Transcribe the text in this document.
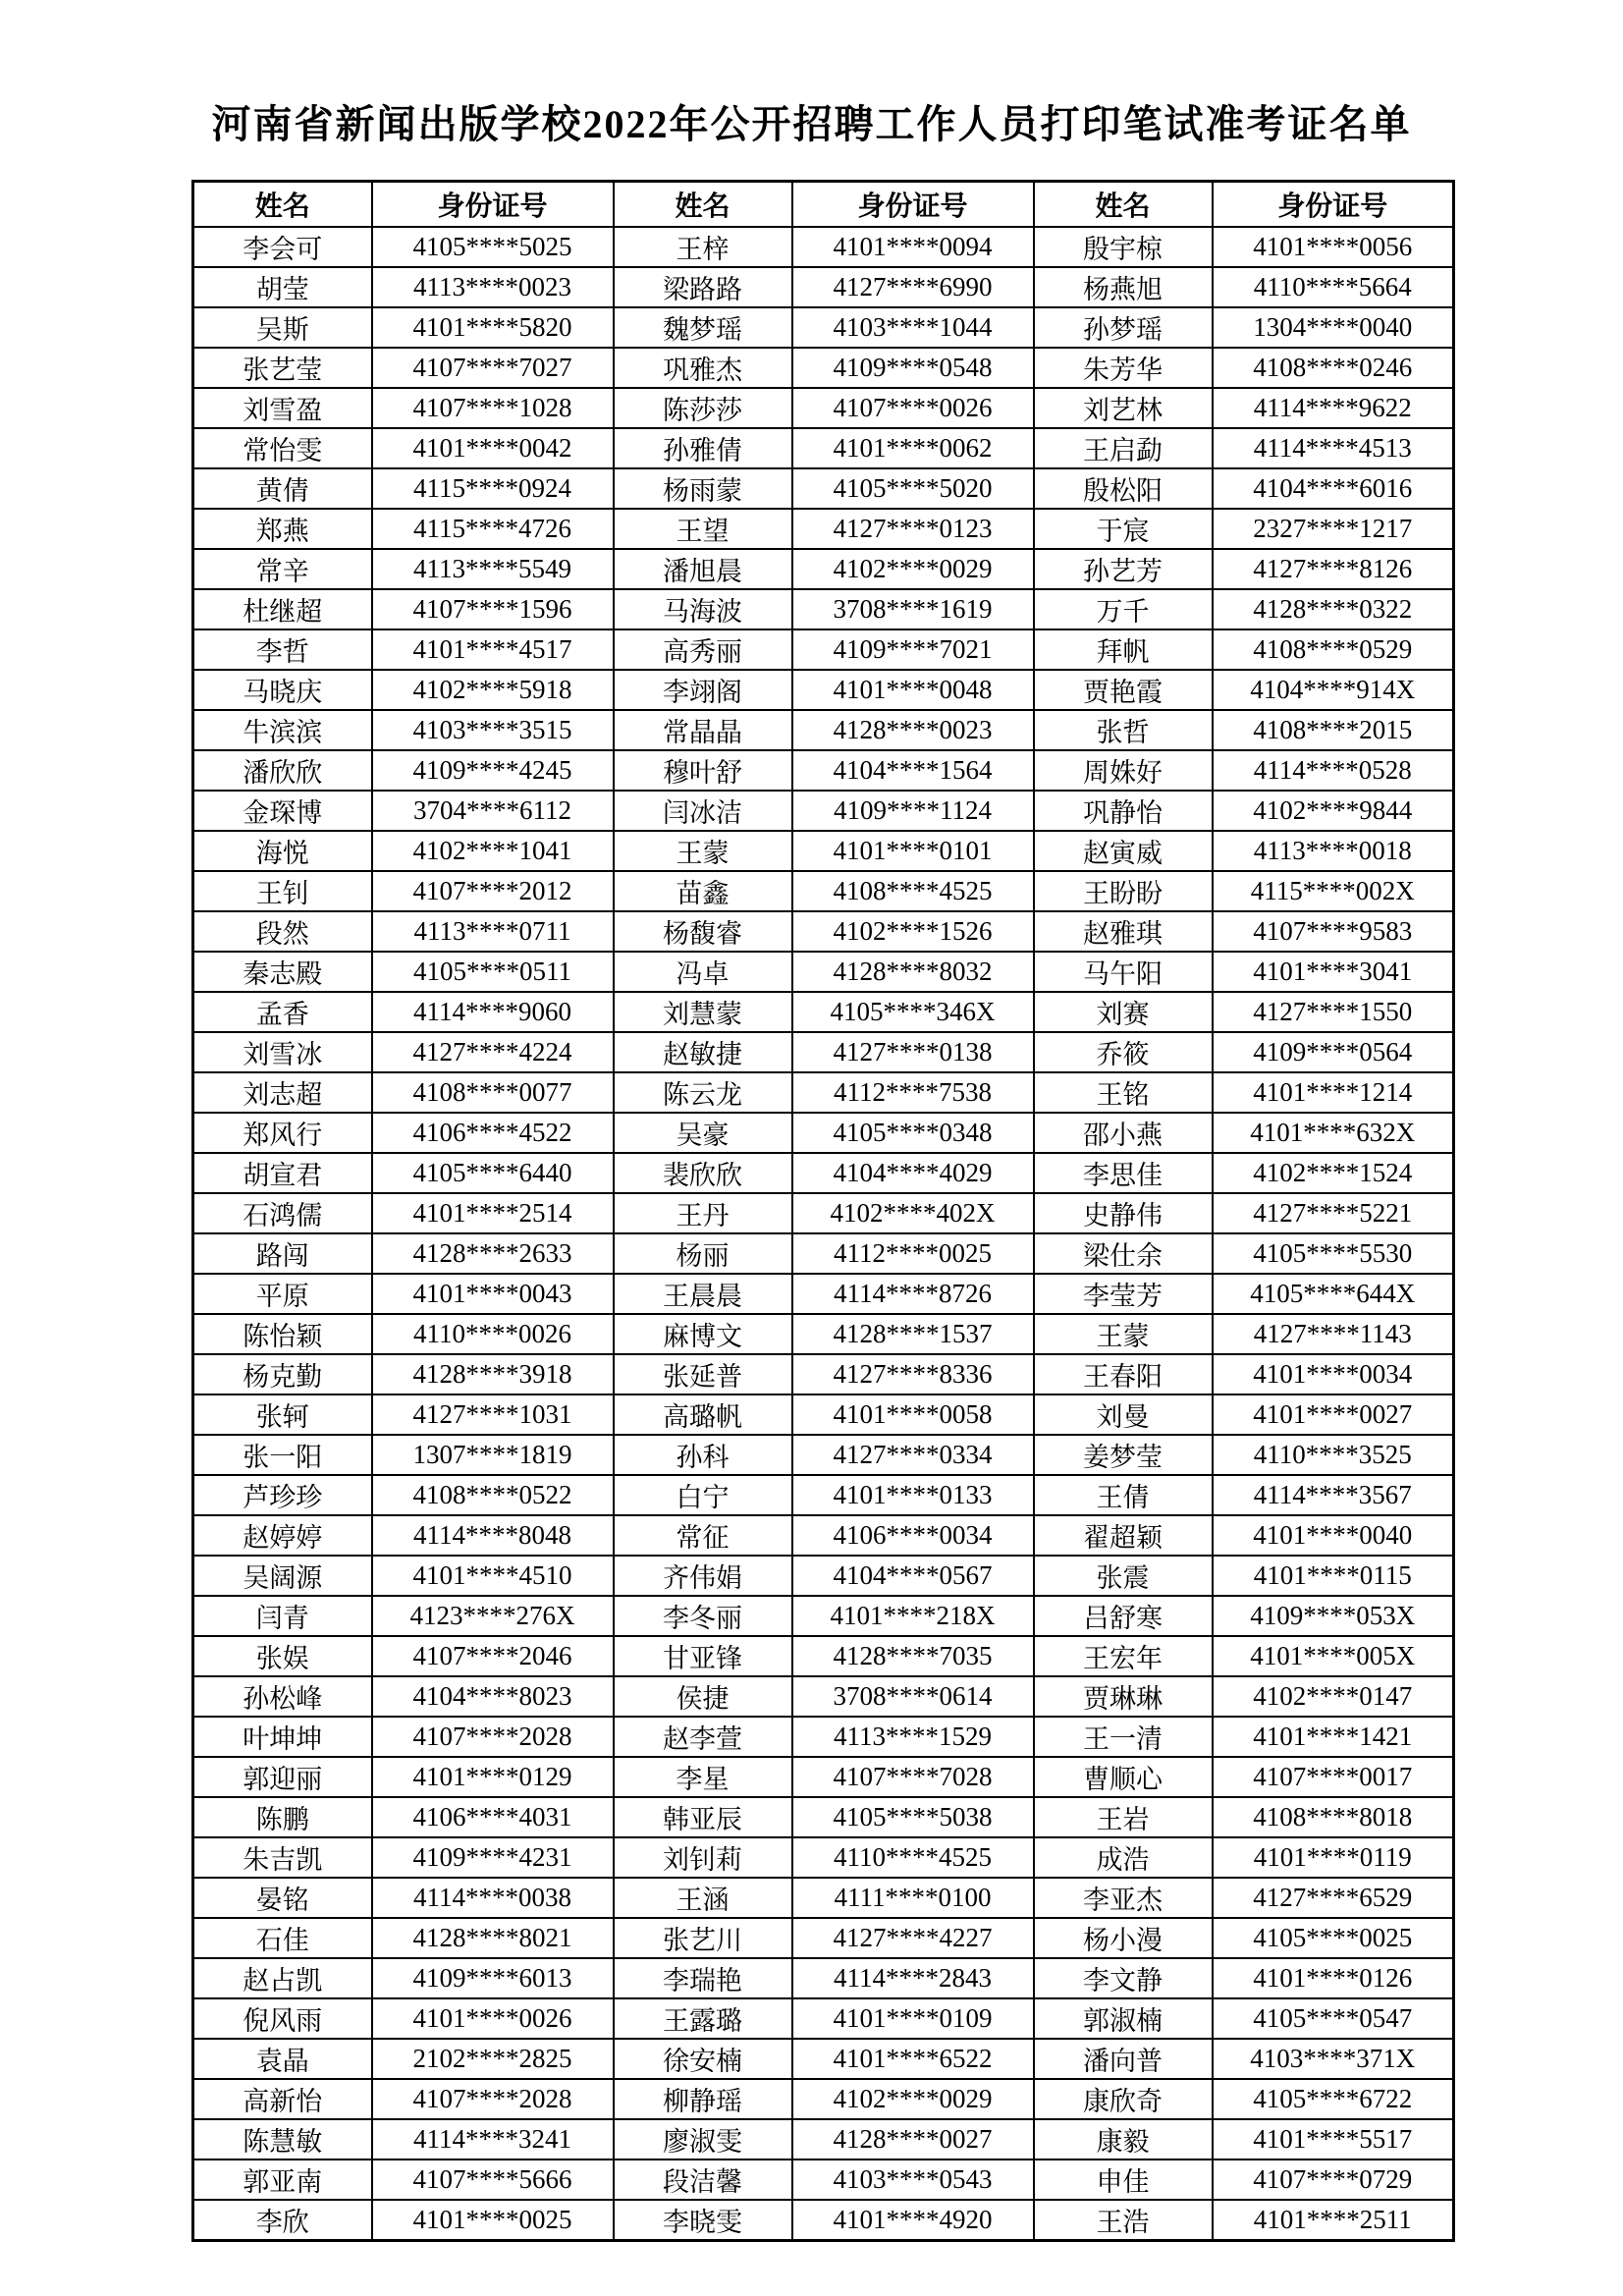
河南省新闻出版学校2022年公开招聘工作人员打印笔试准考证名单
姓名	身份证号	姓名	身份证号	姓名	身份证号
李会可	4105****5025	王梓	4101****0094	殷宇椋	4101****0056
胡莹	4113****0023	梁路路	4127****6990	杨燕旭	4110****5664
吴斯	4101****5820	魏梦瑶	4103****1044	孙梦瑶	1304****0040
张艺莹	4107****7027	巩雅杰	4109****0548	朱芳华	4108****0246
刘雪盈	4107****1028	陈莎莎	4107****0026	刘艺林	4114****9622
常怡雯	4101****0042	孙雅倩	4101****0062	王启勐	4114****4513
黄倩	4115****0924	杨雨蒙	4105****5020	殷松阳	4104****6016
郑燕	4115****4726	王望	4127****0123	于宸	2327****1217
常辛	4113****5549	潘旭晨	4102****0029	孙艺芳	4127****8126
杜继超	4107****1596	马海波	3708****1619	万千	4128****0322
李哲	4101****4517	高秀丽	4109****7021	拜帆	4108****0529
马晓庆	4102****5918	李翊阁	4101****0048	贾艳霞	4104****914X
牛滨滨	4103****3515	常晶晶	4128****0023	张哲	4108****2015
潘欣欣	4109****4245	穆叶舒	4104****1564	周姝好	4114****0528
金琛博	3704****6112	闫冰洁	4109****1124	巩静怡	4102****9844
海悦	4102****1041	王蒙	4101****0101	赵寅威	4113****0018
王钊	4107****2012	苗鑫	4108****4525	王盼盼	4115****002X
段然	4113****0711	杨馥睿	4102****1526	赵雅琪	4107****9583
秦志殿	4105****0511	冯卓	4128****8032	马午阳	4101****3041
孟香	4114****9060	刘慧蒙	4105****346X	刘赛	4127****1550
刘雪冰	4127****4224	赵敏捷	4127****0138	乔筱	4109****0564
刘志超	4108****0077	陈云龙	4112****7538	王铭	4101****1214
郑风行	4106****4522	吴豪	4105****0348	邵小燕	4101****632X
胡宣君	4105****6440	裴欣欣	4104****4029	李思佳	4102****1524
石鸿儒	4101****2514	王丹	4102****402X	史静伟	4127****5221
路闯	4128****2633	杨丽	4112****0025	梁仕余	4105****5530
平原	4101****0043	王晨晨	4114****8726	李莹芳	4105****644X
陈怡颖	4110****0026	麻博文	4128****1537	王蒙	4127****1143
杨克勤	4128****3918	张延普	4127****8336	王春阳	4101****0034
张轲	4127****1031	高璐帆	4101****0058	刘曼	4101****0027
张一阳	1307****1819	孙科	4127****0334	姜梦莹	4110****3525
芦珍珍	4108****0522	白宁	4101****0133	王倩	4114****3567
赵婷婷	4114****8048	常征	4106****0034	翟超颖	4101****0040
吴阔源	4101****4510	齐伟娟	4104****0567	张震	4101****0115
闫青	4123****276X	李冬丽	4101****218X	吕舒寒	4109****053X
张娱	4107****2046	甘亚锋	4128****7035	王宏年	4101****005X
孙松峰	4104****8023	侯捷	3708****0614	贾琳琳	4102****0147
叶坤坤	4107****2028	赵李萱	4113****1529	王一清	4101****1421
郭迎丽	4101****0129	李星	4107****7028	曹顺心	4107****0017
陈鹏	4106****4031	韩亚辰	4105****5038	王岩	4108****8018
朱吉凯	4109****4231	刘钊莉	4110****4525	成浩	4101****0119
晏铭	4114****0038	王涵	4111****0100	李亚杰	4127****6529
石佳	4128****8021	张艺川	4127****4227	杨小漫	4105****0025
赵占凯	4109****6013	李瑞艳	4114****2843	李文静	4101****0126
倪风雨	4101****0026	王露璐	4101****0109	郭淑楠	4105****0547
袁晶	2102****2825	徐安楠	4101****6522	潘向普	4103****371X
高新怡	4107****2028	柳静瑶	4102****0029	康欣奇	4105****6722
陈慧敏	4114****3241	廖淑雯	4128****0027	康毅	4101****5517
郭亚南	4107****5666	段洁馨	4103****0543	申佳	4107****0729
李欣	4101****0025	李晓雯	4101****4920	王浩	4101****2511
